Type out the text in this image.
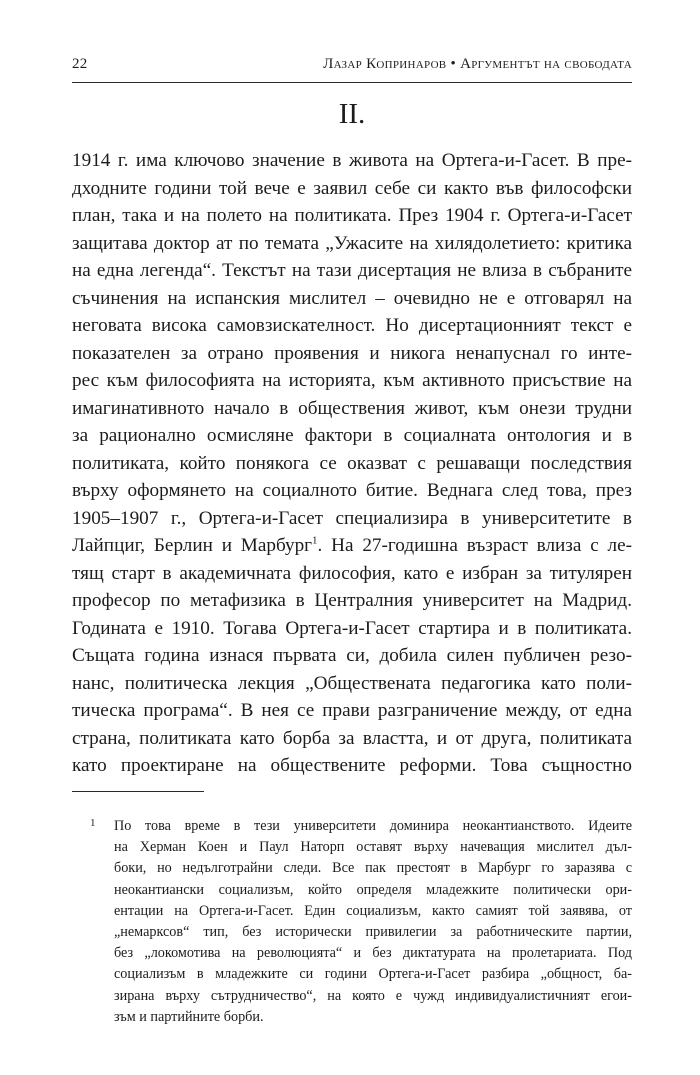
22	Лазар Копринаров • Аргументът на свободата
II.
1914 г. има ключово значение в живота на Ортега-и-Гасет. В пре-
дходните години той вече е заявил себе си както във философски
план, така и на полето на политиката. През 1904 г. Ортега-и-Гасет
защитава доктор ат по темата „Ужасите на хилядолетието: критика
на една легенда“. Текстът на тази дисертация не влиза в събраните
съчинения на испанския мислител – очевидно не е отговарял на
неговата висока самовзискателност. Но дисертационният текст е
показателен за отрано проявения и никога ненапуснал го инте-
рес към философията на историята, към активното присъствие на
имагинативното начало в обществения живот, към онези трудни
за рационално осмисляне фактори в социалната онтология и в
политиката, който понякога се оказват с решаващи последствия
върху оформянето на социалното битие. Веднага след това, през
1905–1907 г., Ортега-и-Гасет специализира в университетите в
Лайпциг, Берлин и Марбург$^1$. На 27-годишна възраст влиза с ле-
тящ старт в академичната философия, като е избран за титулярен
професор по метафизика в Централния университет на Мадрид.
Годината е 1910. Тогава Ортега-и-Гасет стартира и в политиката.
Същата година изнася първата си, добила силен публичен резо-
нанс, политическа лекция „Обществената педагогика като поли-
тическа програма“. В нея се прави разграничение между, от една
страна, политиката като борба за властта, и от друга, политиката
като проектиране на обществените реформи. Това същностно
1 По това време в тези университети доминира неокантианството. Идеите
на Херман Коен и Паул Наторп оставят върху начеващия мислител дъл-
боки, но недълготрайни следи. Все пак престоят в Марбург го заразява с
неокантиански социализъм, който определя младежките политически ори-
ентации на Ортега-и-Гасет. Един социализъм, както самият той заявява, от
„немарксов“ тип, без исторически привилегии за работническите партии,
без „локомотива на революцията“ и без диктатурата на пролетариата. Под
социализъм в младежките си години Ортега-и-Гасет разбира „общност, ба-
зирана върху сътрудничество“, на която е чужд индивидуалистичният егои-
зъм и партийните борби.
